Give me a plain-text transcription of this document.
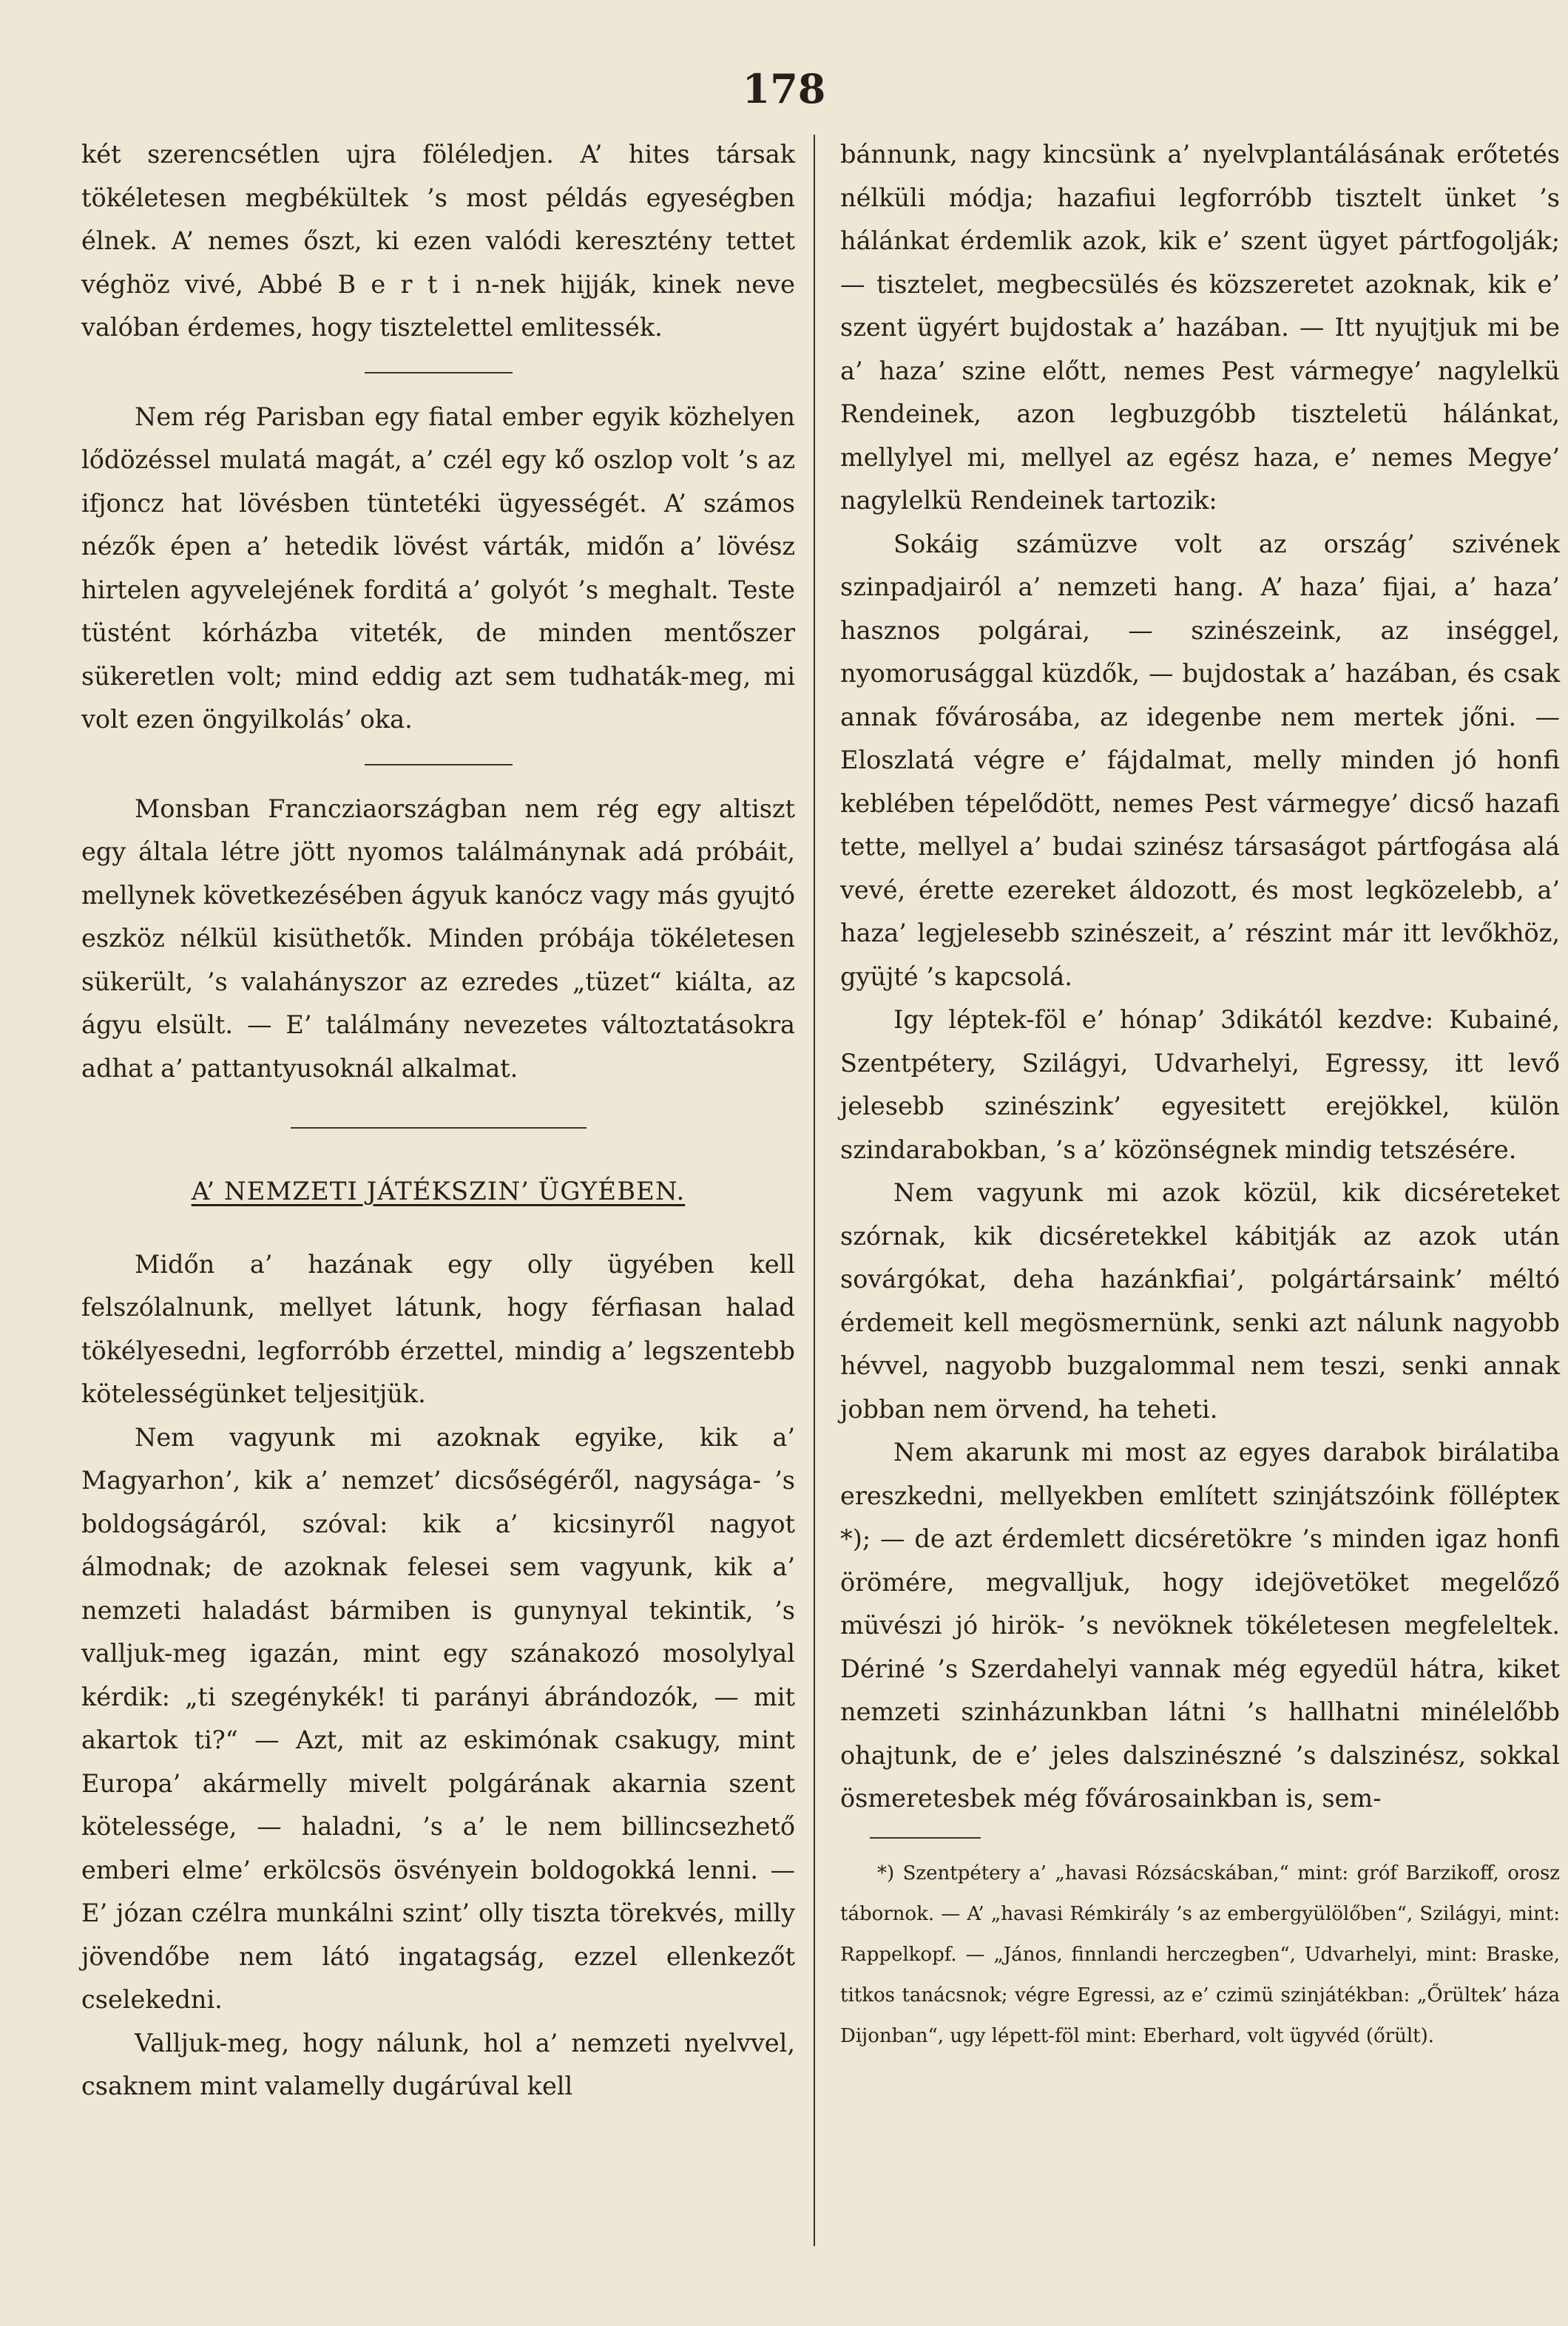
178

két szerencsétlen ujra föléledjen. A’ hites társak tökéletesen megbékültek ’s most példás egyeségben élnek. A’ nemes őszt, ki ezen valódi keresztény tettet véghöz vivé, Abbé B e r t i n-nek hijják, kinek neve valóban érdemes, hogy tisztelettel emlitessék.

Nem rég Parisban egy fiatal ember egyik közhelyen lődözéssel mulatá magát, a’ czél egy kő oszlop volt ’s az ifjoncz hat lövésben tüntetéki ügyességét. A’ számos nézők épen a’ hetedik lövést várták, midőn a’ lövész hirtelen agyvelejének forditá a’ golyót ’s meghalt. Teste tüstént kórházba viteték, de minden mentőszer sükeretlen volt; mind eddig azt sem tudhaták-meg, mi volt ezen öngyilkolás’ oka.

Monsban Francziaországban nem rég egy altiszt egy általa létre jött nyomos találmánynak adá próbáit, mellynek következésében ágyuk kanócz vagy más gyujtó eszköz nélkül kisüthetők. Minden próbája tökéletesen sükerült, ’s valahányszor az ezredes „tüzet“ kiálta, az ágyu elsült. — E’ találmány nevezetes változtatásokra adhat a’ pattantyusoknál alkalmat.

A’ NEMZETI JÁTÉKSZIN’ ÜGYÉBEN.

Midőn a’ hazának egy olly ügyében kell felszólalnunk, mellyet látunk, hogy férfiasan halad tökélyesedni, legforróbb érzettel, mindig a’ legszentebb kötelességünket teljesitjük.

Nem vagyunk mi azoknak egyike, kik a’ Magyarhon’, kik a’ nemzet’ dicsőségéről, nagysága- ’s boldogságáról, szóval: kik a’ kicsinyről nagyot álmodnak; de azoknak felesei sem vagyunk, kik a’ nemzeti haladást bármiben is gunynyal tekintik, ’s valljuk-meg igazán, mint egy szánakozó mosolylyal kérdik: „ti szegénykék! ti parányi ábrándozók, — mit akartok ti?“ — Azt, mit az eskimónak csakugy, mint Europa’ akármelly mivelt polgárának akarnia szent kötelessége, — haladni, ’s a’ le nem billincsezhető emberi elme’ erkölcsös ösvényein boldogokká lenni. — E’ józan czélra munkálni szint’ olly tiszta törekvés, milly jövendőbe nem látó ingatagság, ezzel ellenkezőt cselekedni.

Valljuk-meg, hogy nálunk, hol a’ nemzeti nyelvvel, csaknem mint valamelly dugárúval kell

bánnunk, nagy kincsünk a’ nyelvplantálásának erőtetés nélküli módja; hazafiui legforróbb tisztelt ünket ’s hálánkat érdemlik azok, kik e’ szent ügyet pártfogolják; — tisztelet, megbecsülés és közszeretet azoknak, kik e’ szent ügyért bujdostak a’ hazában. — Itt nyujtjuk mi be a’ haza’ szine előtt, nemes Pest vármegye’ nagylelkü Rendeinek, azon legbuzgóbb tiszteletü hálánkat, mellylyel mi, mellyel az egész haza, e’ nemes Megye’ nagylelkü Rendeinek tartozik:

Sokáig számüzve volt az ország’ szivének szinpadjairól a’ nemzeti hang. A’ haza’ fijai, a’ haza’ hasznos polgárai, — szinészeink, az inséggel, nyomorusággal küzdők, — bujdostak a’ hazában, és csak annak fővárosába, az idegenbe nem mertek jőni. — Eloszlatá végre e’ fájdalmat, melly minden jó honfi keblében tépelődött, nemes Pest vármegye’ dicső hazafi tette, mellyel a’ budai szinész társaságot pártfogása alá vevé, érette ezereket áldozott, és most legközelebb, a’ haza’ legjelesebb szinészeit, a’ részint már itt levőkhöz, gyüjté ’s kapcsolá.

Igy léptek-föl e’ hónap’ 3dikától kezdve: Kubainé, Szentpétery, Szilágyi, Udvarhelyi, Egressy, itt levő jelesebb szinészink’ egyesitett erejökkel, külön szindarabokban, ’s a’ közönségnek mindig tetszésére.

Nem vagyunk mi azok közül, kik dicséreteket szórnak, kik dicséretekkel kábitják az azok után sovárgókat, deha hazánkfiai’, polgártársaink’ méltó érdemeit kell megösmernünk, senki azt nálunk nagyobb hévvel, nagyobb buzgalommal nem teszi, senki annak jobban nem örvend, ha teheti.

Nem akarunk mi most az egyes darabok birálatiba ereszkedni, mellyekben említett szinjátszóink föllépteк *); — de azt érdemlett dicséretökre ’s minden igaz honfi örömére, megvalljuk, hogy idejövetöket megelőző müvészi jó hirök- ’s nevöknek tökéletesen megfeleltek. Dériné ’s Szerdahelyi vannak még egyedül hátra, kiket nemzeti szinházunkban látni ’s hallhatni minélelőbb ohajtunk, de e’ jeles dalszinészné ’s dalszinész, sokkal ösmeretesbek még fővárosainkban is, sem-

*) Szentpétery a’ „havasi Rózsácskában,“ mint: gróf Barzikoff, orosz tábornok. — A’ „havasi Rémkirály ’s az embergyülölőben“, Szilágyi, mint: Rappelkopf. — „János, finnlandi herczegben“, Udvarhelyi, mint: Braske, titkos tanácsnok; végre Egressi, az e’ czimü szinjátékban: „Őrültek’ háza Dijonban“, ugy lépett-föl mint: Eberhard, volt ügyvéd (őrült).
